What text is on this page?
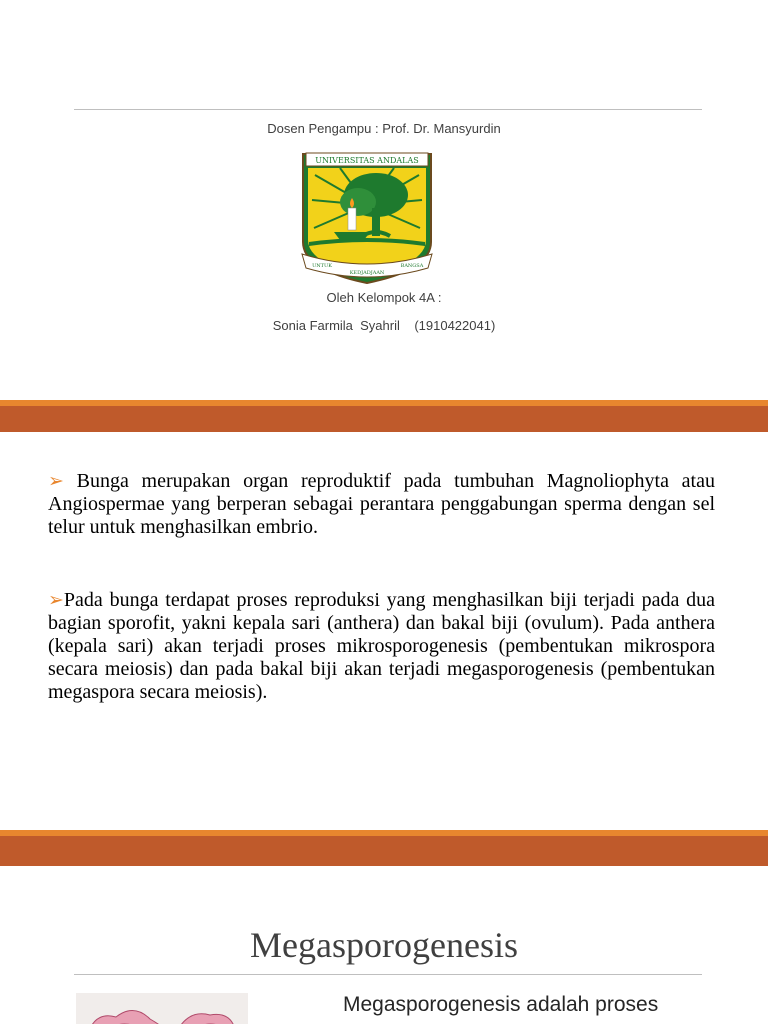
Dosen Pengampu : Prof. Dr. Mansyurdin
UNIVERSITAS ANDALAS
UNTUK
KEDJADJAAN
BANGSA
Oleh Kelompok 4A :
Sonia Farmila  Syahril    (1910422041)

➢ Bunga merupakan organ reproduktif pada tumbuhan Magnoliophyta atau Angiospermae yang berperan sebagai perantara penggabungan sperma dengan sel telur untuk menghasilkan embrio.

➢Pada bunga terdapat proses reproduksi yang menghasilkan biji terjadi pada dua bagian sporofit, yakni kepala sari (anthera) dan bakal biji (ovulum). Pada anthera (kepala sari) akan terjadi proses mikrosporogenesis (pembentukan mikrospora secara meiosis) dan pada bakal biji akan terjadi megasporogenesis (pembentukan megaspora secara meiosis).

Megasporogenesis
Megasporogenesis adalah proses
